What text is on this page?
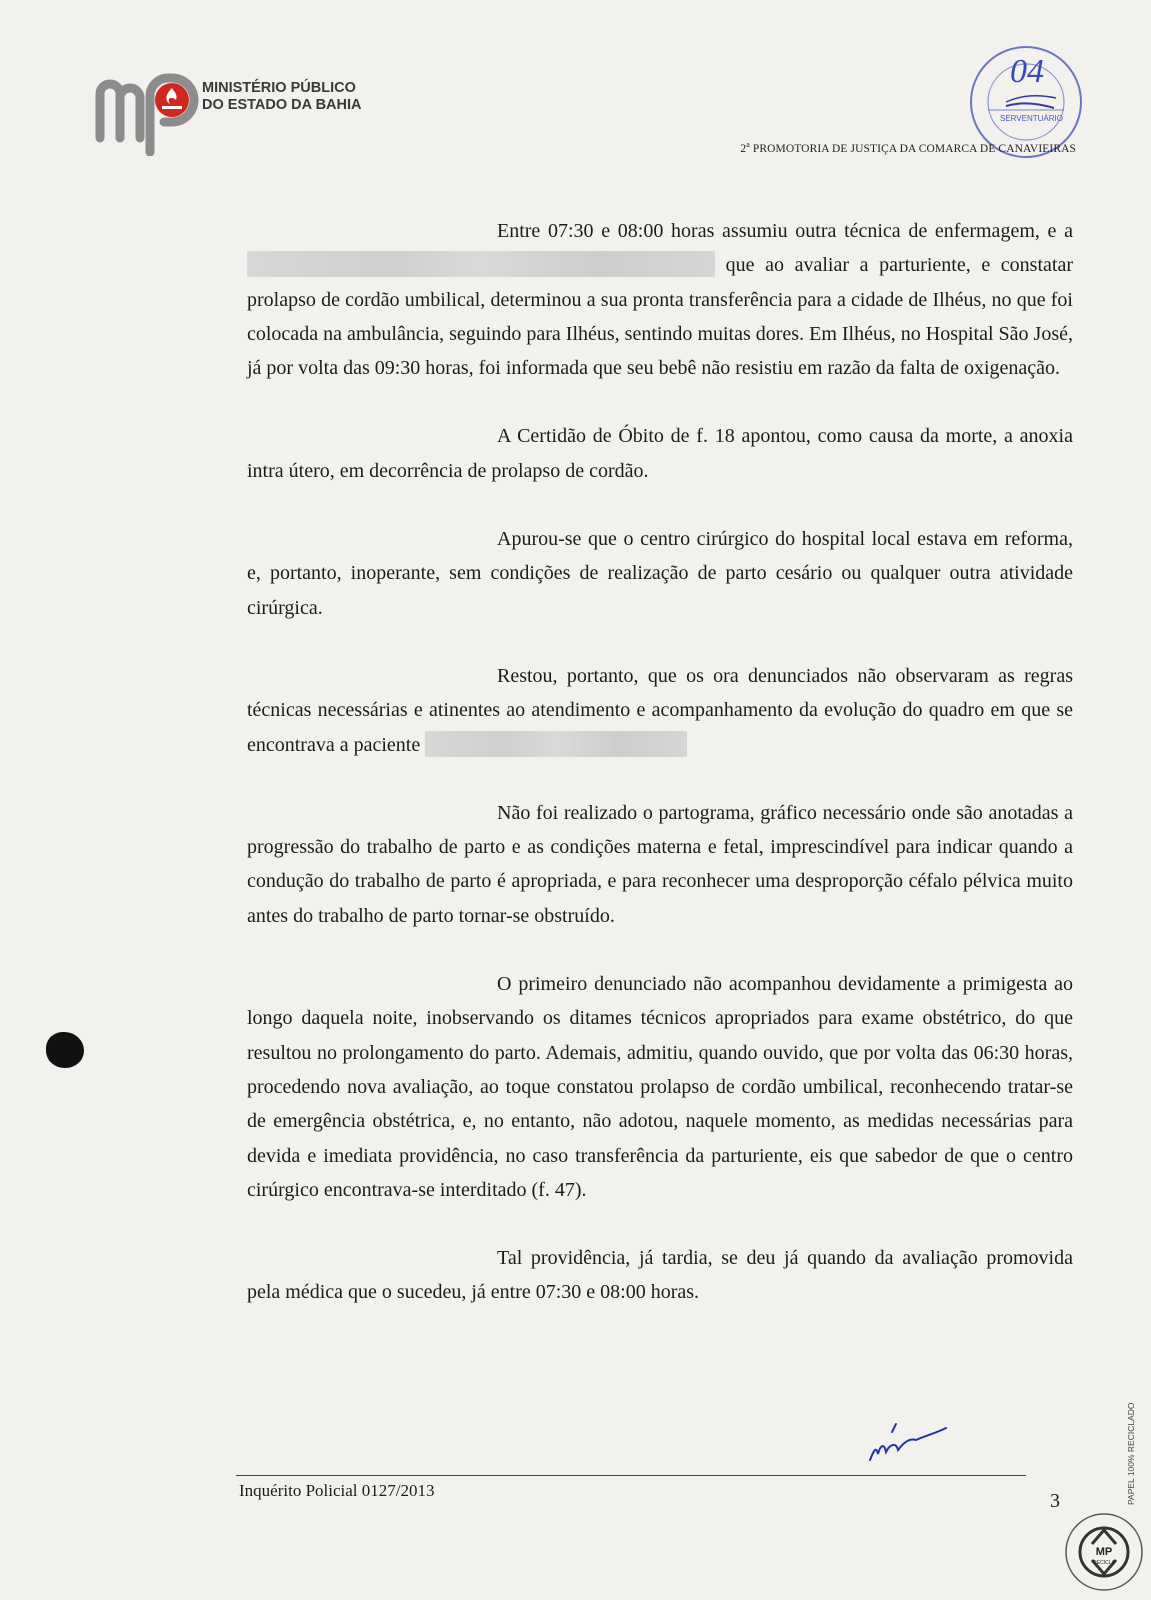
MINISTÉRIO PÚBLICO
DO ESTADO DA BAHIA
04
SERVENTUÁRIO
2$^a$ PROMOTORIA DE JUSTIÇA DA COMARCA DE CANAVIEIRAS

Entre 07:30 e 08:00 horas assumiu outra técnica de enfermagem, e a  que ao avaliar a parturiente, e constatar prolapso de cordão umbilical, determinou a sua pronta transferência para a cidade de Ilhéus, no que foi colocada na ambulância, seguindo para Ilhéus, sentindo muitas dores. Em Ilhéus, no Hospital São José, já por volta das 09:30 horas, foi informada que seu bebê não resistiu em razão da falta de oxigenação.

A Certidão de Óbito de f. 18 apontou, como causa da morte, a anoxia intra útero, em decorrência de prolapso de cordão.

Apurou-se que o centro cirúrgico do hospital local estava em reforma, e, portanto, inoperante, sem condições de realização de parto cesário ou qualquer outra atividade cirúrgica.

Restou, portanto, que os ora denunciados não observaram as regras técnicas necessárias e atinentes ao atendimento e acompanhamento da evolução do quadro em que se encontrava a paciente

Não foi realizado o partograma, gráfico necessário onde são anotadas a progressão do trabalho de parto e as condições materna e fetal, imprescindível para indicar quando a condução do trabalho de parto é apropriada, e para reconhecer uma desproporção céfalo pélvica muito antes do trabalho de parto tornar-se obstruído.

O primeiro denunciado não acompanhou devidamente a primigesta ao longo daquela noite, inobservando os ditames técnicos apropriados para exame obstétrico, do que resultou no prolongamento do parto. Ademais, admitiu, quando ouvido, que por volta das 06:30 horas, procedendo nova avaliação, ao toque constatou prolapso de cordão umbilical, reconhecendo tratar-se de emergência obstétrica, e, no entanto, não adotou, naquele momento, as medidas necessárias para devida e imediata providência, no caso transferência da parturiente, eis que sabedor de que o centro cirúrgico encontrava-se interditado (f. 47).

Tal providência, já tardia, se deu já quando da avaliação promovida pela médica que o sucedeu, já entre 07:30 e 08:00 horas.

Inquérito Policial 0127/2013	3	PAPEL 100% RECICLADO
MP
RECICLA
